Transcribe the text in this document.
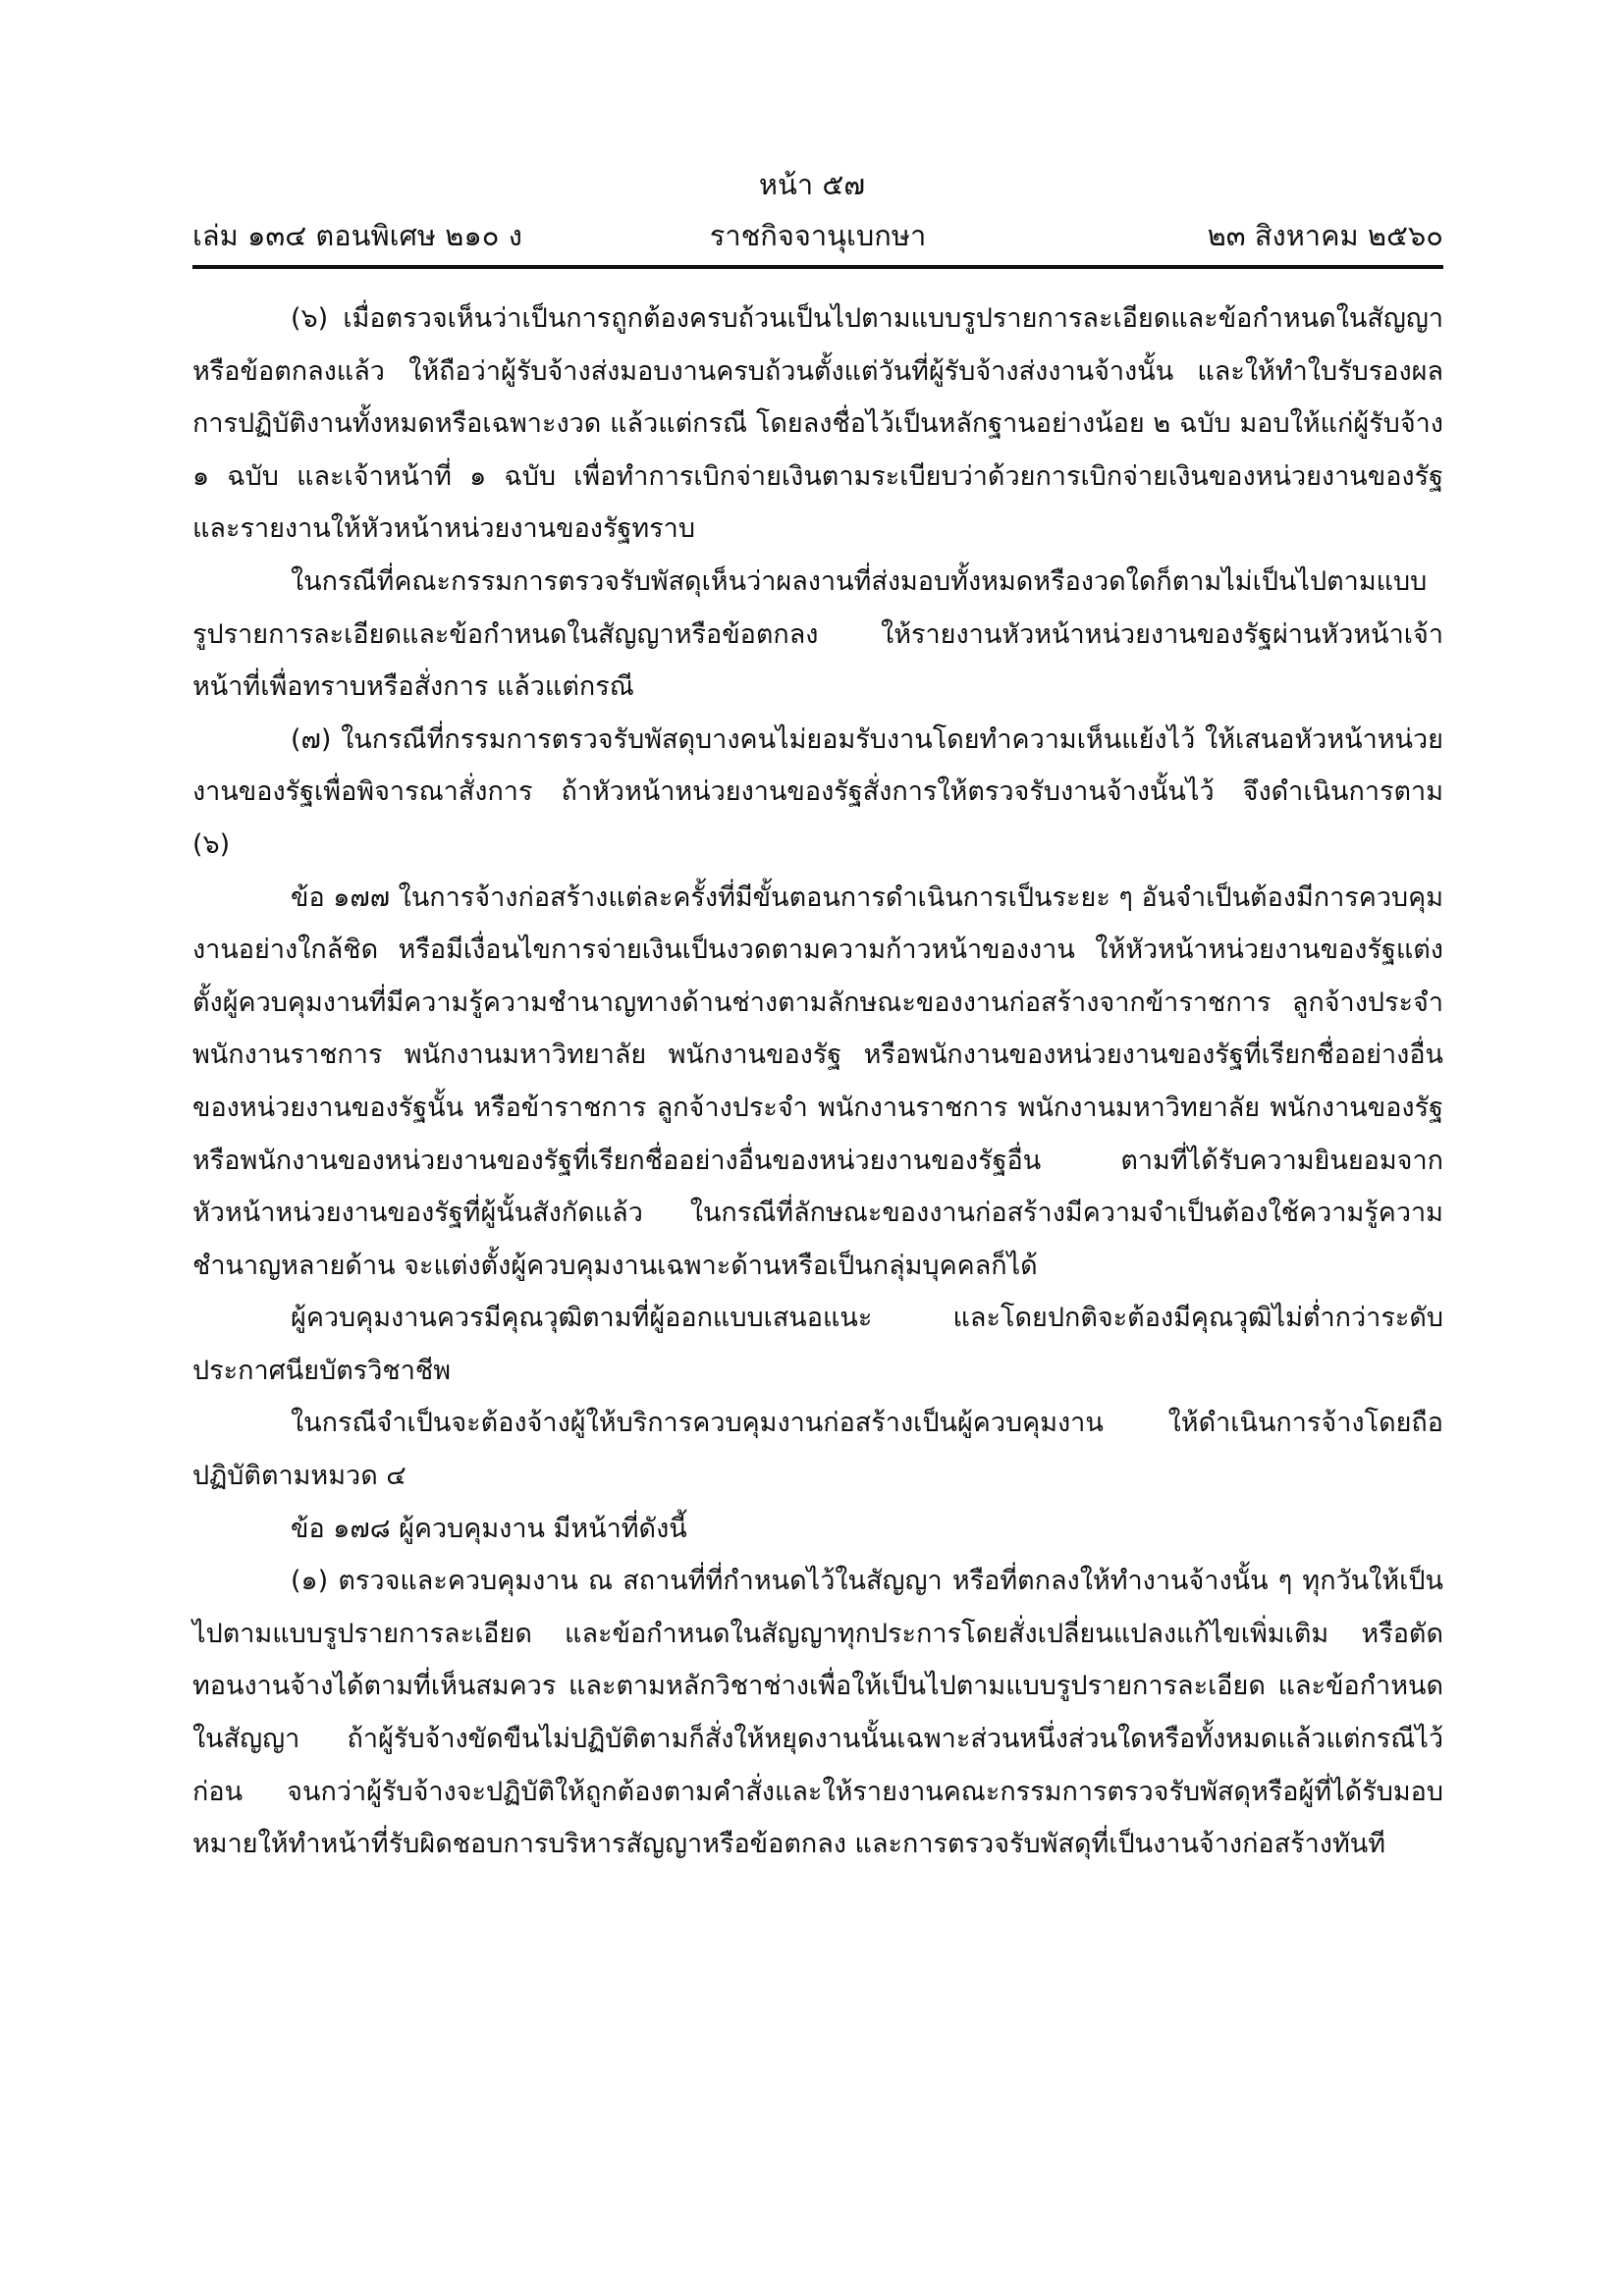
หน้า ๕๗
เล่ม ๑๓๔ ตอนพิเศษ ๒๑๐ ง	ราชกิจจานุเบกษา	๒๓ สิงหาคม ๒๕๖๐

(๖) เมื่อตรวจเห็นว่าเป็นการถูกต้องครบถ้วนเป็นไปตามแบบรูปรายการละเอียดและข้อกำหนดในสัญญาหรือข้อตกลงแล้ว ให้ถือว่าผู้รับจ้างส่งมอบงานครบถ้วนตั้งแต่วันที่ผู้รับจ้างส่งงานจ้างนั้น และให้ทำใบรับรองผลการปฏิบัติงานทั้งหมดหรือเฉพาะงวด แล้วแต่กรณี โดยลงชื่อไว้เป็นหลักฐานอย่างน้อย ๒ ฉบับ มอบให้แก่ผู้รับจ้าง ๑ ฉบับ และเจ้าหน้าที่ ๑ ฉบับ เพื่อทำการเบิกจ่ายเงินตามระเบียบว่าด้วยการเบิกจ่ายเงินของหน่วยงานของรัฐ และรายงานให้หัวหน้าหน่วยงานของรัฐทราบ

ในกรณีที่คณะกรรมการตรวจรับพัสดุเห็นว่าผลงานที่ส่งมอบทั้งหมดหรืองวดใดก็ตามไม่เป็นไปตามแบบรูปรายการละเอียดและข้อกำหนดในสัญญาหรือข้อตกลง ให้รายงานหัวหน้าหน่วยงานของรัฐผ่านหัวหน้าเจ้าหน้าที่เพื่อทราบหรือสั่งการ แล้วแต่กรณี

(๗) ในกรณีที่กรรมการตรวจรับพัสดุบางคนไม่ยอมรับงานโดยทำความเห็นแย้งไว้ ให้เสนอหัวหน้าหน่วยงานของรัฐเพื่อพิจารณาสั่งการ ถ้าหัวหน้าหน่วยงานของรัฐสั่งการให้ตรวจรับงานจ้างนั้นไว้ จึงดำเนินการตาม (๖)

ข้อ ๑๗๗ ในการจ้างก่อสร้างแต่ละครั้งที่มีขั้นตอนการดำเนินการเป็นระยะ ๆ อันจำเป็นต้องมีการควบคุมงานอย่างใกล้ชิด หรือมีเงื่อนไขการจ่ายเงินเป็นงวดตามความก้าวหน้าของงาน ให้หัวหน้าหน่วยงานของรัฐแต่งตั้งผู้ควบคุมงานที่มีความรู้ความชำนาญทางด้านช่างตามลักษณะของงานก่อสร้างจากข้าราชการ ลูกจ้างประจำ พนักงานราชการ พนักงานมหาวิทยาลัย พนักงานของรัฐ หรือพนักงานของหน่วยงานของรัฐที่เรียกชื่ออย่างอื่นของหน่วยงานของรัฐนั้น หรือข้าราชการ ลูกจ้างประจำ พนักงานราชการ พนักงานมหาวิทยาลัย พนักงานของรัฐ หรือพนักงานของหน่วยงานของรัฐที่เรียกชื่ออย่างอื่นของหน่วยงานของรัฐอื่น ตามที่ได้รับความยินยอมจากหัวหน้าหน่วยงานของรัฐที่ผู้นั้นสังกัดแล้ว ในกรณีที่ลักษณะของงานก่อสร้างมีความจำเป็นต้องใช้ความรู้ความชำนาญหลายด้าน จะแต่งตั้งผู้ควบคุมงานเฉพาะด้านหรือเป็นกลุ่มบุคคลก็ได้

ผู้ควบคุมงานควรมีคุณวุฒิตามที่ผู้ออกแบบเสนอแนะ และโดยปกติจะต้องมีคุณวุฒิไม่ต่ำกว่าระดับประกาศนียบัตรวิชาชีพ

ในกรณีจำเป็นจะต้องจ้างผู้ให้บริการควบคุมงานก่อสร้างเป็นผู้ควบคุมงาน ให้ดำเนินการจ้างโดยถือปฏิบัติตามหมวด ๔

ข้อ ๑๗๘ ผู้ควบคุมงาน มีหน้าที่ดังนี้

(๑) ตรวจและควบคุมงาน ณ สถานที่ที่กำหนดไว้ในสัญญา หรือที่ตกลงให้ทำงานจ้างนั้น ๆ ทุกวันให้เป็นไปตามแบบรูปรายการละเอียด และข้อกำหนดในสัญญาทุกประการโดยสั่งเปลี่ยนแปลงแก้ไขเพิ่มเติม หรือตัดทอนงานจ้างได้ตามที่เห็นสมควร และตามหลักวิชาช่างเพื่อให้เป็นไปตามแบบรูปรายการละเอียด และข้อกำหนดในสัญญา ถ้าผู้รับจ้างขัดขืนไม่ปฏิบัติตามก็สั่งให้หยุดงานนั้นเฉพาะส่วนหนึ่งส่วนใดหรือทั้งหมดแล้วแต่กรณีไว้ก่อน จนกว่าผู้รับจ้างจะปฏิบัติให้ถูกต้องตามคำสั่งและให้รายงานคณะกรรมการตรวจรับพัสดุหรือผู้ที่ได้รับมอบหมายให้ทำหน้าที่รับผิดชอบการบริหารสัญญาหรือข้อตกลง และการตรวจรับพัสดุที่เป็นงานจ้างก่อสร้างทันที
